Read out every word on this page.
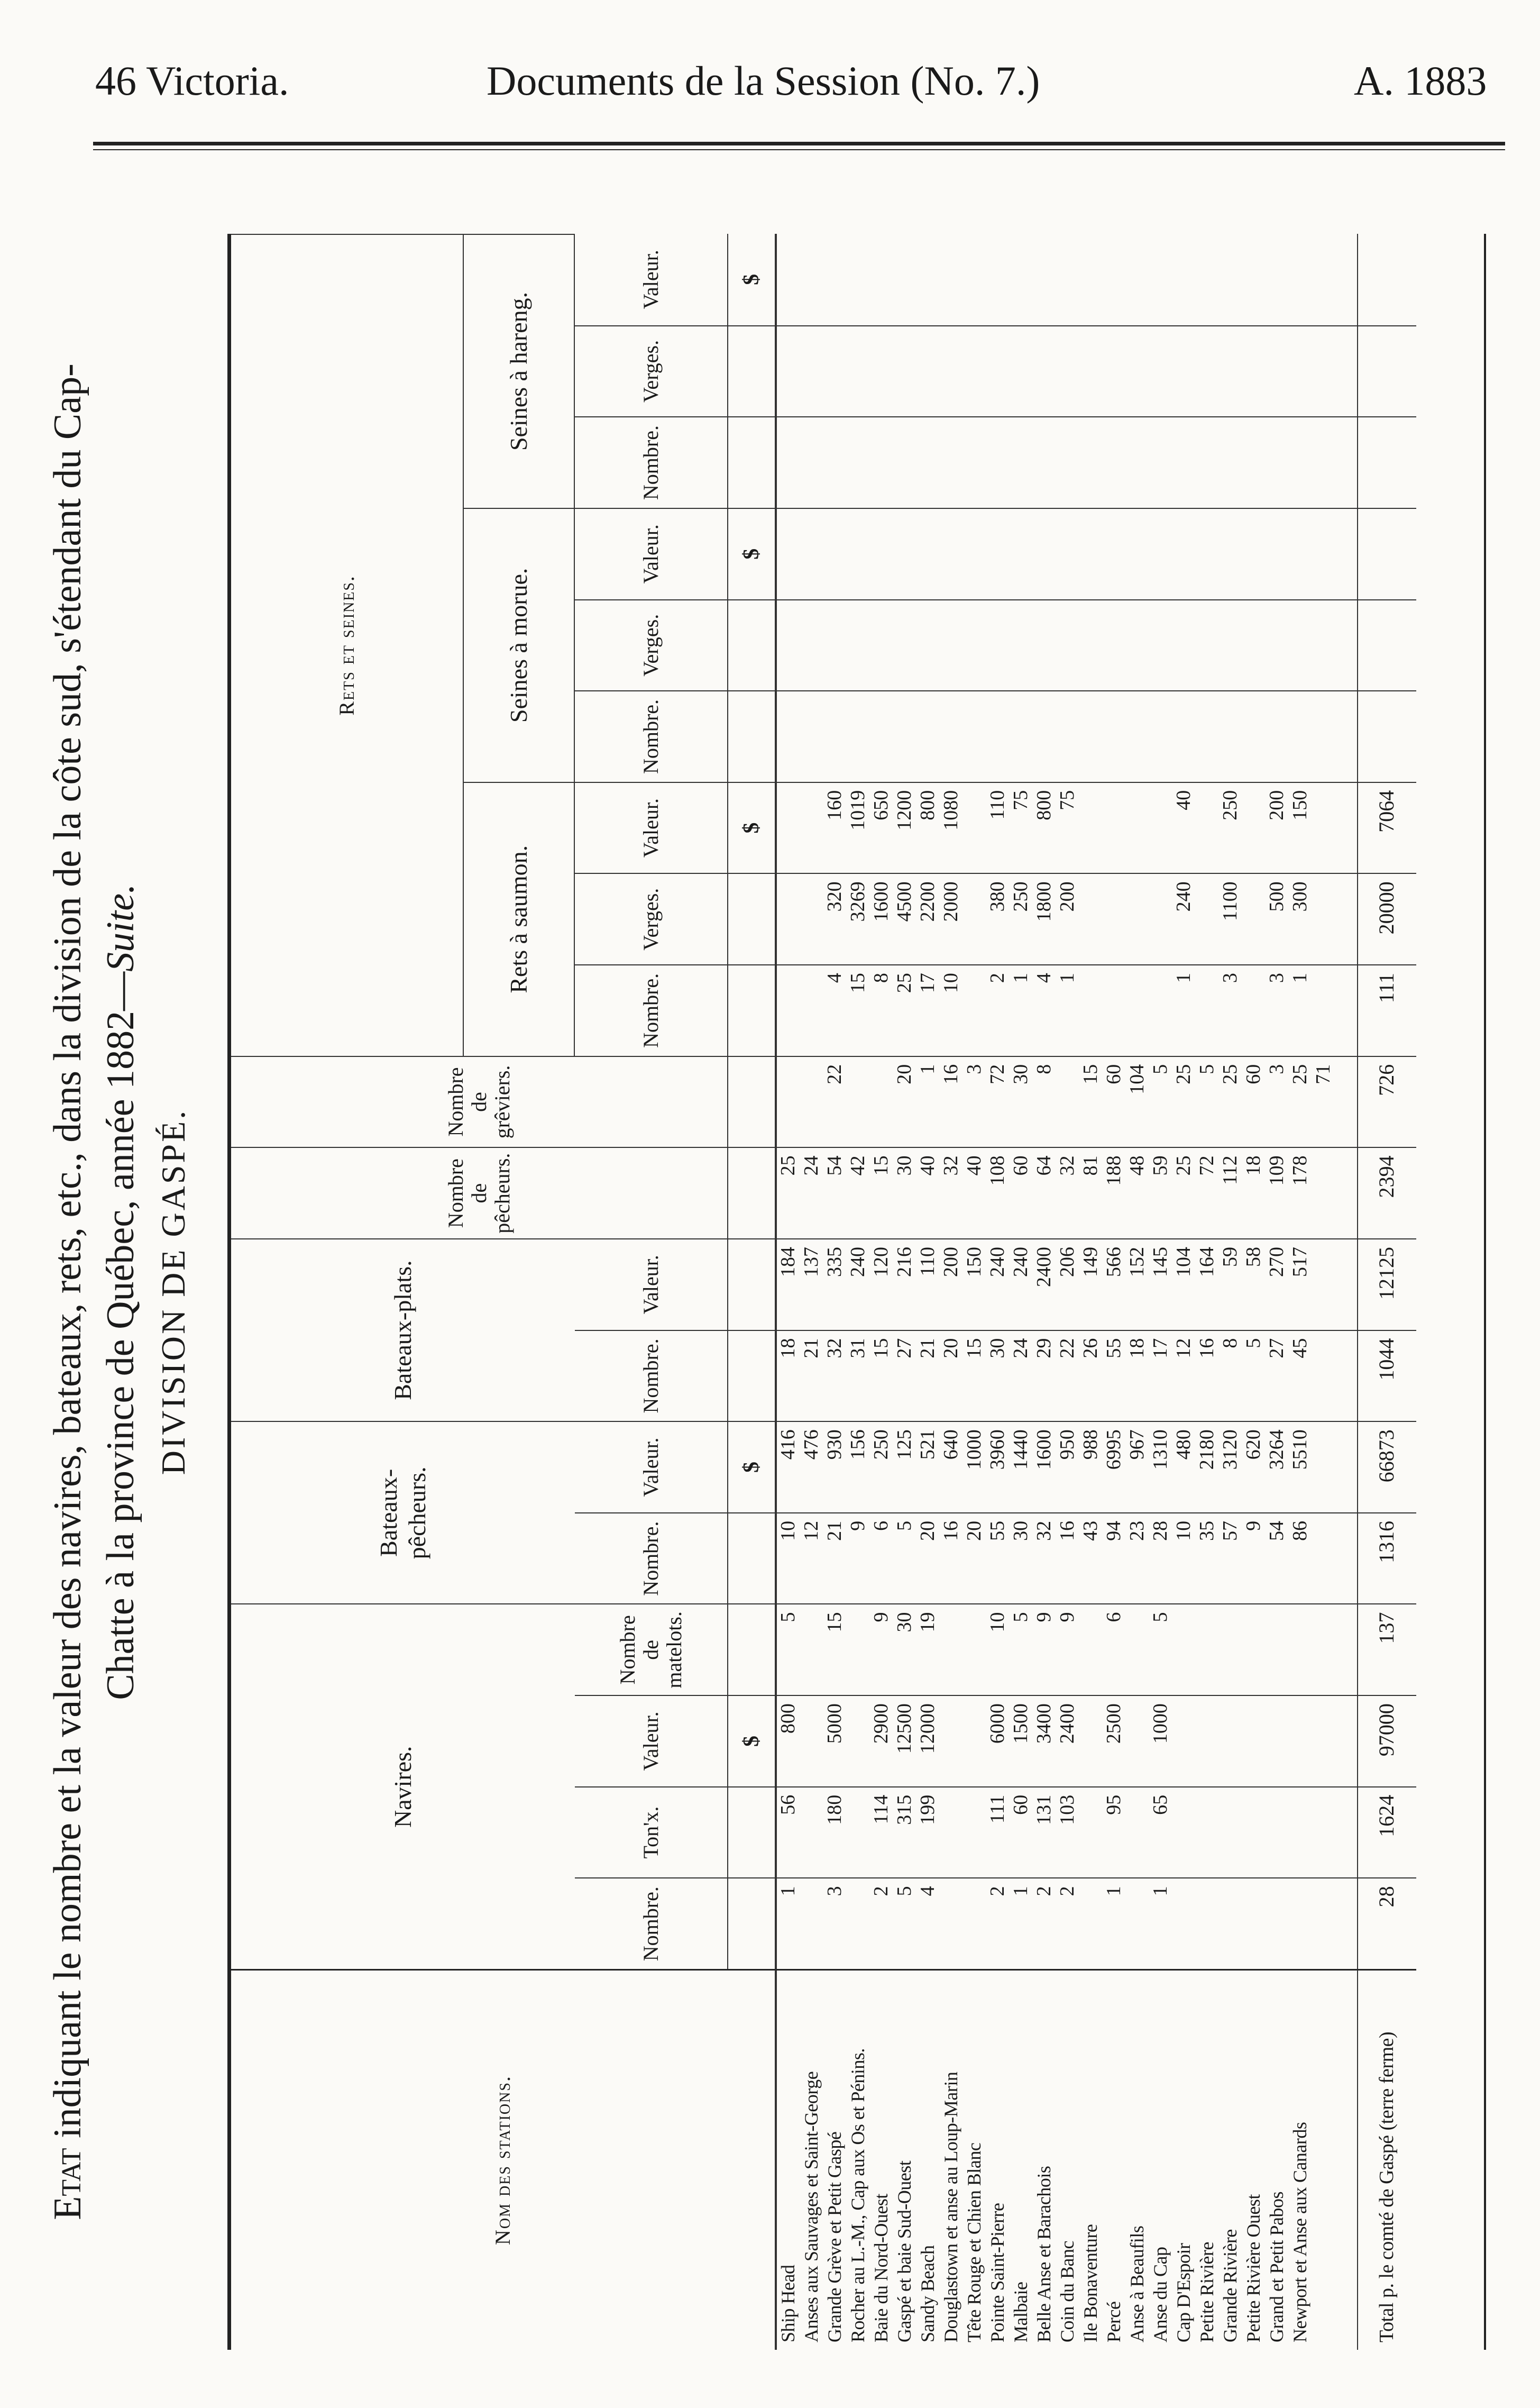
46 Victoria.	Documents de la Session (No. 7.)	A. 1883
Etat indiquant le nombre et la valeur des navires, bateaux, rets, etc., dans la division de la côte sud, s'étendant du Cap- Chatte à la province de Québec, année 1882—Suite.
DIVISION DE GASPÉ.
Nom des stations.
Navires.
Bateaux-pêcheurs.
Bateaux-plats.
Nombre de pêcheurs.
Nombre de grêviers.
Rets et seines.
Rets à saumon.
Seines à morue.
Seines à hareng.
Nombre.
Ton'x.
Valeur.
Nombre de matelots.
Nombre.
Valeur.
Nombre.
Valeur.
Nombre.
Verges.
Valeur.
Nombre.
Verges.
Valeur.
Nombre.
Verges.
Valeur.
$
$
$
$
$
Ship Head
1
56
800
5
10
416
18
184
25
Anses aux Sauvages et Saint-George
12
476
21
137
24
Grande Grève et Petit Gaspé
3
180
5000
15
21
930
32
335
54
22
4
320
160
Rocher au L.-M., Cap aux Os et Pénins.
9
156
31
240
42
15
3269
1019
Baie du Nord-Ouest
2
114
2900
9
6
250
15
120
15
8
1600
650
Gaspé et baie Sud-Ouest
5
315
12500
30
5
125
27
216
30
20
25
4500
1200
Sandy Beach
4
199
12000
19
20
521
21
110
40
1
17
2200
800
Douglastown et anse au Loup-Marin
16
640
20
200
32
16
10
2000
1080
Tête Rouge et Chien Blanc
20
1000
15
150
40
3
Pointe Saint-Pierre
2
111
6000
10
55
3960
30
240
108
72
2
380
110
Malbaie
1
60
1500
5
30
1440
24
240
60
30
1
250
75
Belle Anse et Barachois
2
131
3400
9
32
1600
29
2400
64
8
4
1800
800
Coin du Banc
2
103
2400
9
16
950
22
206
32
1
200
75
Ile Bonaventure
43
988
26
149
81
15
Percé
1
95
2500
6
94
6995
55
566
188
60
Anse à Beaufils
23
967
18
152
48
104
Anse du Cap
1
65
1000
5
28
1310
17
145
59
5
Cap D'Espoir
10
480
12
104
25
25
1
240
40
Petite Rivière
35
2180
16
164
72
5
Grande Rivière
57
3120
8
59
112
25
3
1100
250
Petite Rivière Ouest
9
620
5
58
18
60
Grand et Petit Pabos
54
3264
27
270
109
3
3
500
200
Newport et Anse aux Canards
86
5510
45
517
178
25
1
300
150
71
Total p. le comté de Gaspé (terre ferme)
28
1624
97000
137
1316
66873
1044
12125
2394
726
111
20000
7064
